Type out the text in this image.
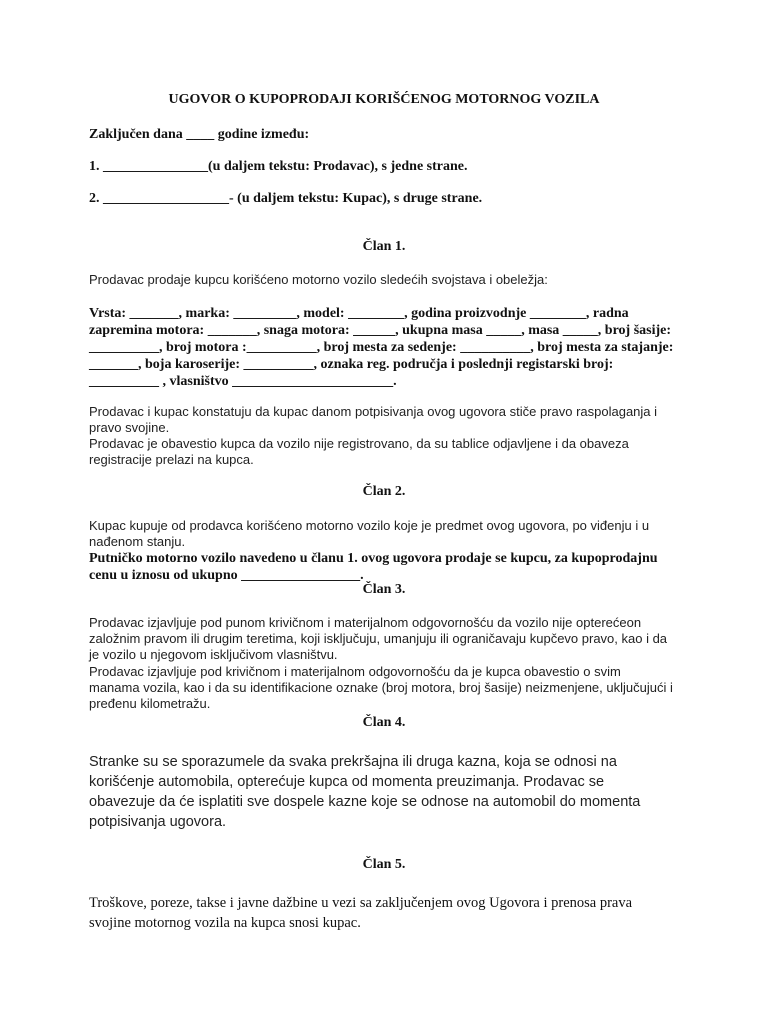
UGOVOR O KUPOPRODAJI KORIŠĆENOG MOTORNOG VOZILA

Zaključen dana ____ godine između:

1. _______________(u daljem tekstu: Prodavac), s jedne strane.

2. __________________- (u daljem tekstu: Kupac), s druge strane.

Član 1.

Prodavac prodaje kupcu korišćeno motorno vozilo sledećih svojstava i obeležja:

Vrsta: _______, marka: _________, model: ________, godina proizvodnje ________, radna zapremina motora: _______, snaga motora: ______, ukupna masa _____, masa _____, broj šasije: __________, broj motora :__________, broj mesta za sedenje: __________, broj mesta za stajanje: _______, boja karoserije: __________, oznaka reg. područja i poslednji registarski broj: __________ , vlasništvo _______________________.

Prodavac i kupac konstatuju da kupac danom potpisivanja ovog ugovora stiče pravo raspolaganja i pravo svojine.

Prodavac je obavestio kupca da vozilo nije registrovano, da su tablice odjavljene i da obaveza registracije prelazi na kupca.

Član 2.

Kupac kupuje od prodavca korišćeno motorno vozilo koje je predmet ovog ugovora, po viđenju i u nađenom stanju.

Putničko motorno vozilo navedeno u članu 1. ovog ugovora prodaje se kupcu, za kupoprodajnu cenu u iznosu od ukupno _________________.

Član 3.

Prodavac izjavljuje pod punom krivičnom i materijalnom odgovornošću da vozilo nije opterećeon založnim pravom ili drugim teretima, koji isključuju, umanjuju ili ograničavaju kupčevo pravo, kao i da je vozilo u njegovom isključivom vlasništvu.

Prodavac izjavljuje pod krivičnom i materijalnom odgovornošću da je kupca obavestio o svim manama vozila, kao i da su identifikacione oznake (broj motora, broj šasije) neizmenjene, uključujući i pređenu kilometražu.

Član 4.

Stranke su se sporazumele da svaka prekršajna ili druga kazna, koja se odnosi na korišćenje automobila, opterećuje kupca od momenta preuzimanja. Prodavac se obavezuje da će isplatiti sve dospele kazne koje se odnose na automobil do momenta potpisivanja ugovora.

Član 5.

Troškove, poreze, takse i javne dažbine u vezi sa zaključenjem ovog Ugovora i prenosa prava svojine motornog vozila na kupca snosi kupac.
